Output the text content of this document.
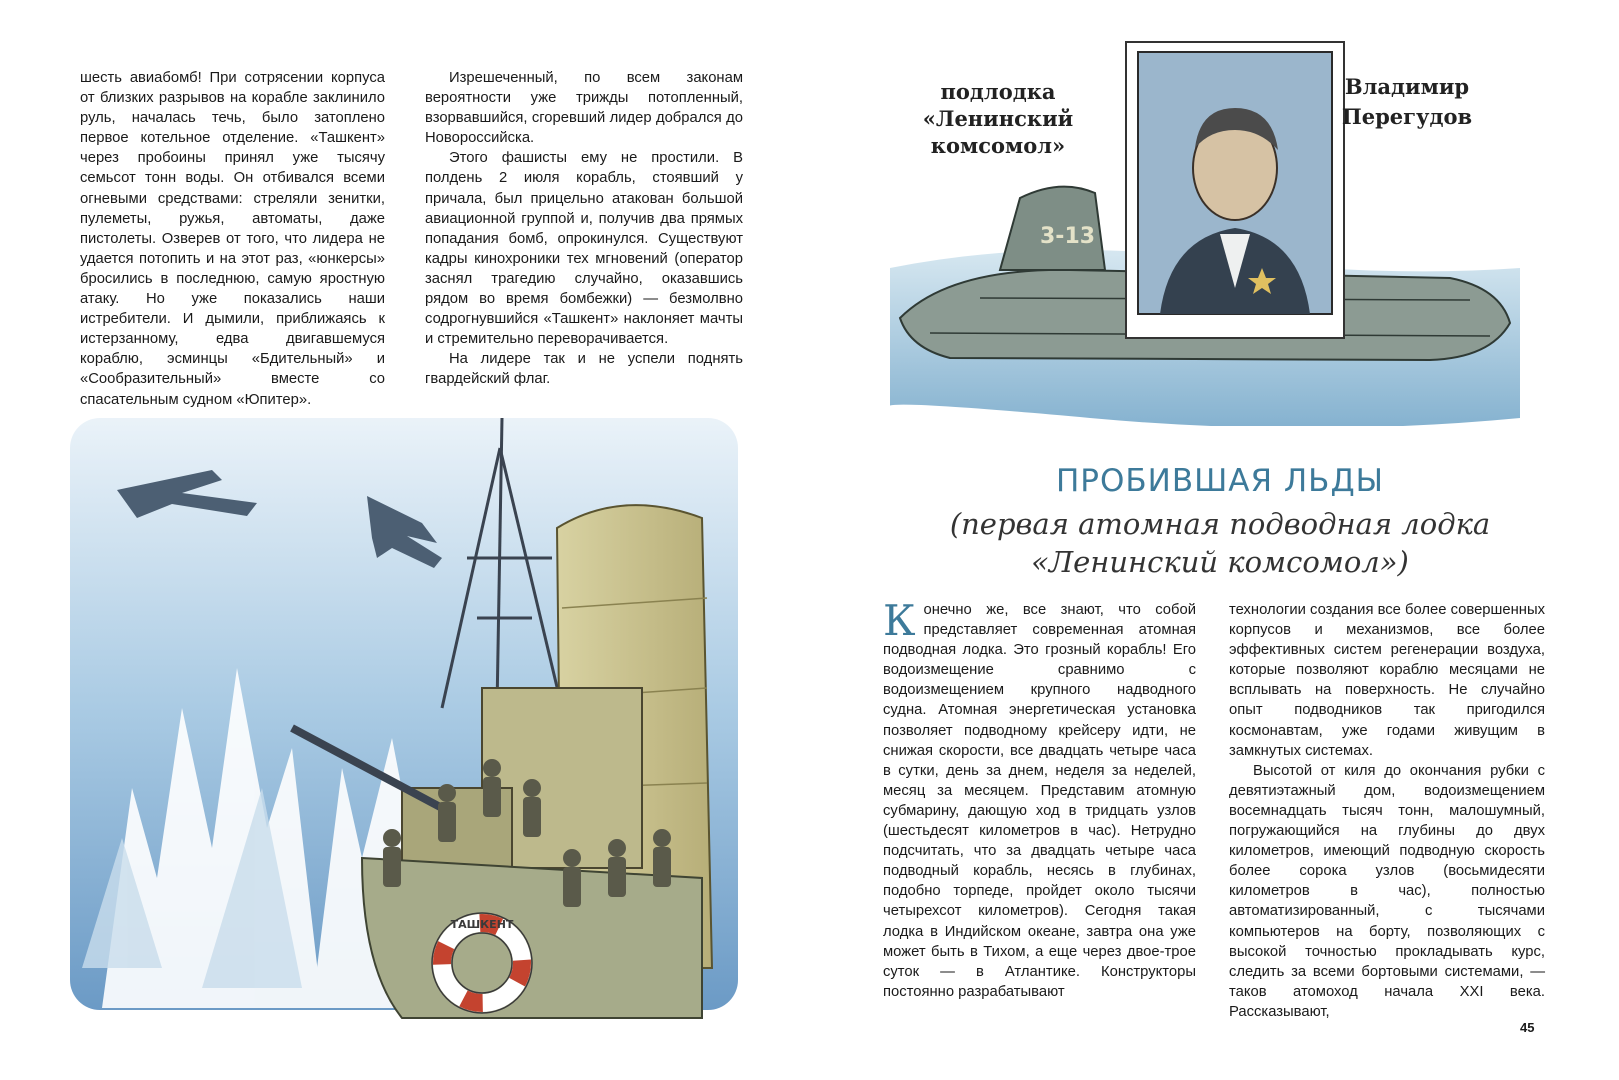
шесть авиабомб! При сотрясении корпуса от близких разрывов на корабле заклинило руль, началась течь, было затоплено первое котельное отделение. «Ташкент» через пробоины принял уже тысячу семьсот тонн воды. Он отбивался всеми огневыми средствами: стреляли зенитки, пулеметы, ружья, автоматы, даже пистолеты. Озверев от того, что лидера не удается потопить и на этот раз, «юнкерсы» бросились в последнюю, самую яростную атаку. Но уже показались наши истребители. И дымили, приближаясь к истерзанному, едва двигавшемуся кораблю, эсминцы «Бдительный» и «Сообразительный» вместе со спасательным судном «Юпитер».

Изрешеченный, по всем законам вероятности уже трижды потопленный, взорвавшийся, сгоревший лидер добрался до Новороссийска.

Этого фашисты ему не простили. В полдень 2 июля корабль, стоявший у причала, был прицельно атакован большой авиационной группой и, получив два прямых попадания бомб, опрокинулся. Существуют кадры кинохроники тех мгновений (оператор заснял трагедию случайно, оказавшись рядом во время бомбежки) — безмолвно содрогнувшийся «Ташкент» наклоняет мачты и стремительно переворачивается.

На лидере так и не успели поднять гвардейский флаг.

ТАШКЕНТ
3-13
подлодка
«Ленинский
комсомол»
Владимир
Перегудов
ПРОБИВШАЯ ЛЬДЫ
(первая атомная подводная лодка
«Ленинский комсомол»)

Конечно же, все знают, что собой представляет современная атомная подводная лодка. Это грозный корабль! Его водоизмещение сравнимо с водоизмещением крупного надводного судна. Атомная энергетическая установка позволяет подводному крейсеру идти, не снижая скорости, все двадцать четыре часа в сутки, день за днем, неделя за неделей, месяц за месяцем. Представим атомную субмарину, дающую ход в тридцать узлов (шестьдесят километров в час). Нетрудно подсчитать, что за двадцать четыре часа подводный корабль, несясь в глубинах, подобно торпеде, пройдет около тысячи четырехсот километров). Сегодня такая лодка в Индийском океане, завтра она уже может быть в Тихом, а еще через двое-трое суток — в Атлантике. Конструкторы постоянно разрабатывают

технологии создания все более совершенных корпусов и механизмов, все более эффективных систем регенерации воздуха, которые позволяют кораблю месяцами не всплывать на поверхность. Не случайно опыт подводников так пригодился космонавтам, уже годами живущим в замкнутых системах.

Высотой от киля до окончания рубки с девятиэтажный дом, водоизмещением восемнадцать тысяч тонн, малошумный, погружающийся на глубины до двух километров, имеющий подводную скорость более сорока узлов (восьмидесяти километров в час), полностью автоматизированный, с тысячами компьютеров на борту, позволяющих с высокой точностью прокладывать курс, следить за всеми бортовыми системами, — таков атомоход начала XXI века. Рассказывают,

45
